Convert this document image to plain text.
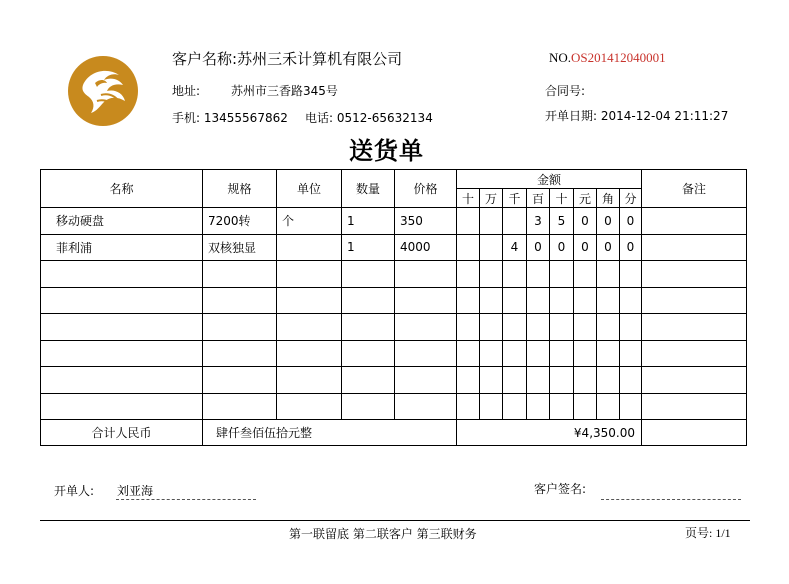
客户名称:苏州三禾计算机有限公司	NO.OS201412040001
地址:	苏州市三香路345号	合同号:
手机: 13455567862 电话: 0512-65632134	开单日期: 2014-12-04 21:11:27
送货单
名称	规格	单位	数量	价格	金额								备注
					十	万	千	百	十	元	角	分	
移动硬盘	7200转	个	1	350				3	5	0	0	0	
菲利浦	双核独显		1	4000			4	0	0	0	0	0	

合计人民币	肆仟叁佰伍拾元整				¥4,350.00								
开单人: 刘亚海	客户签名:
第一联留底 第二联客户 第三联财务	页号: 1/1
